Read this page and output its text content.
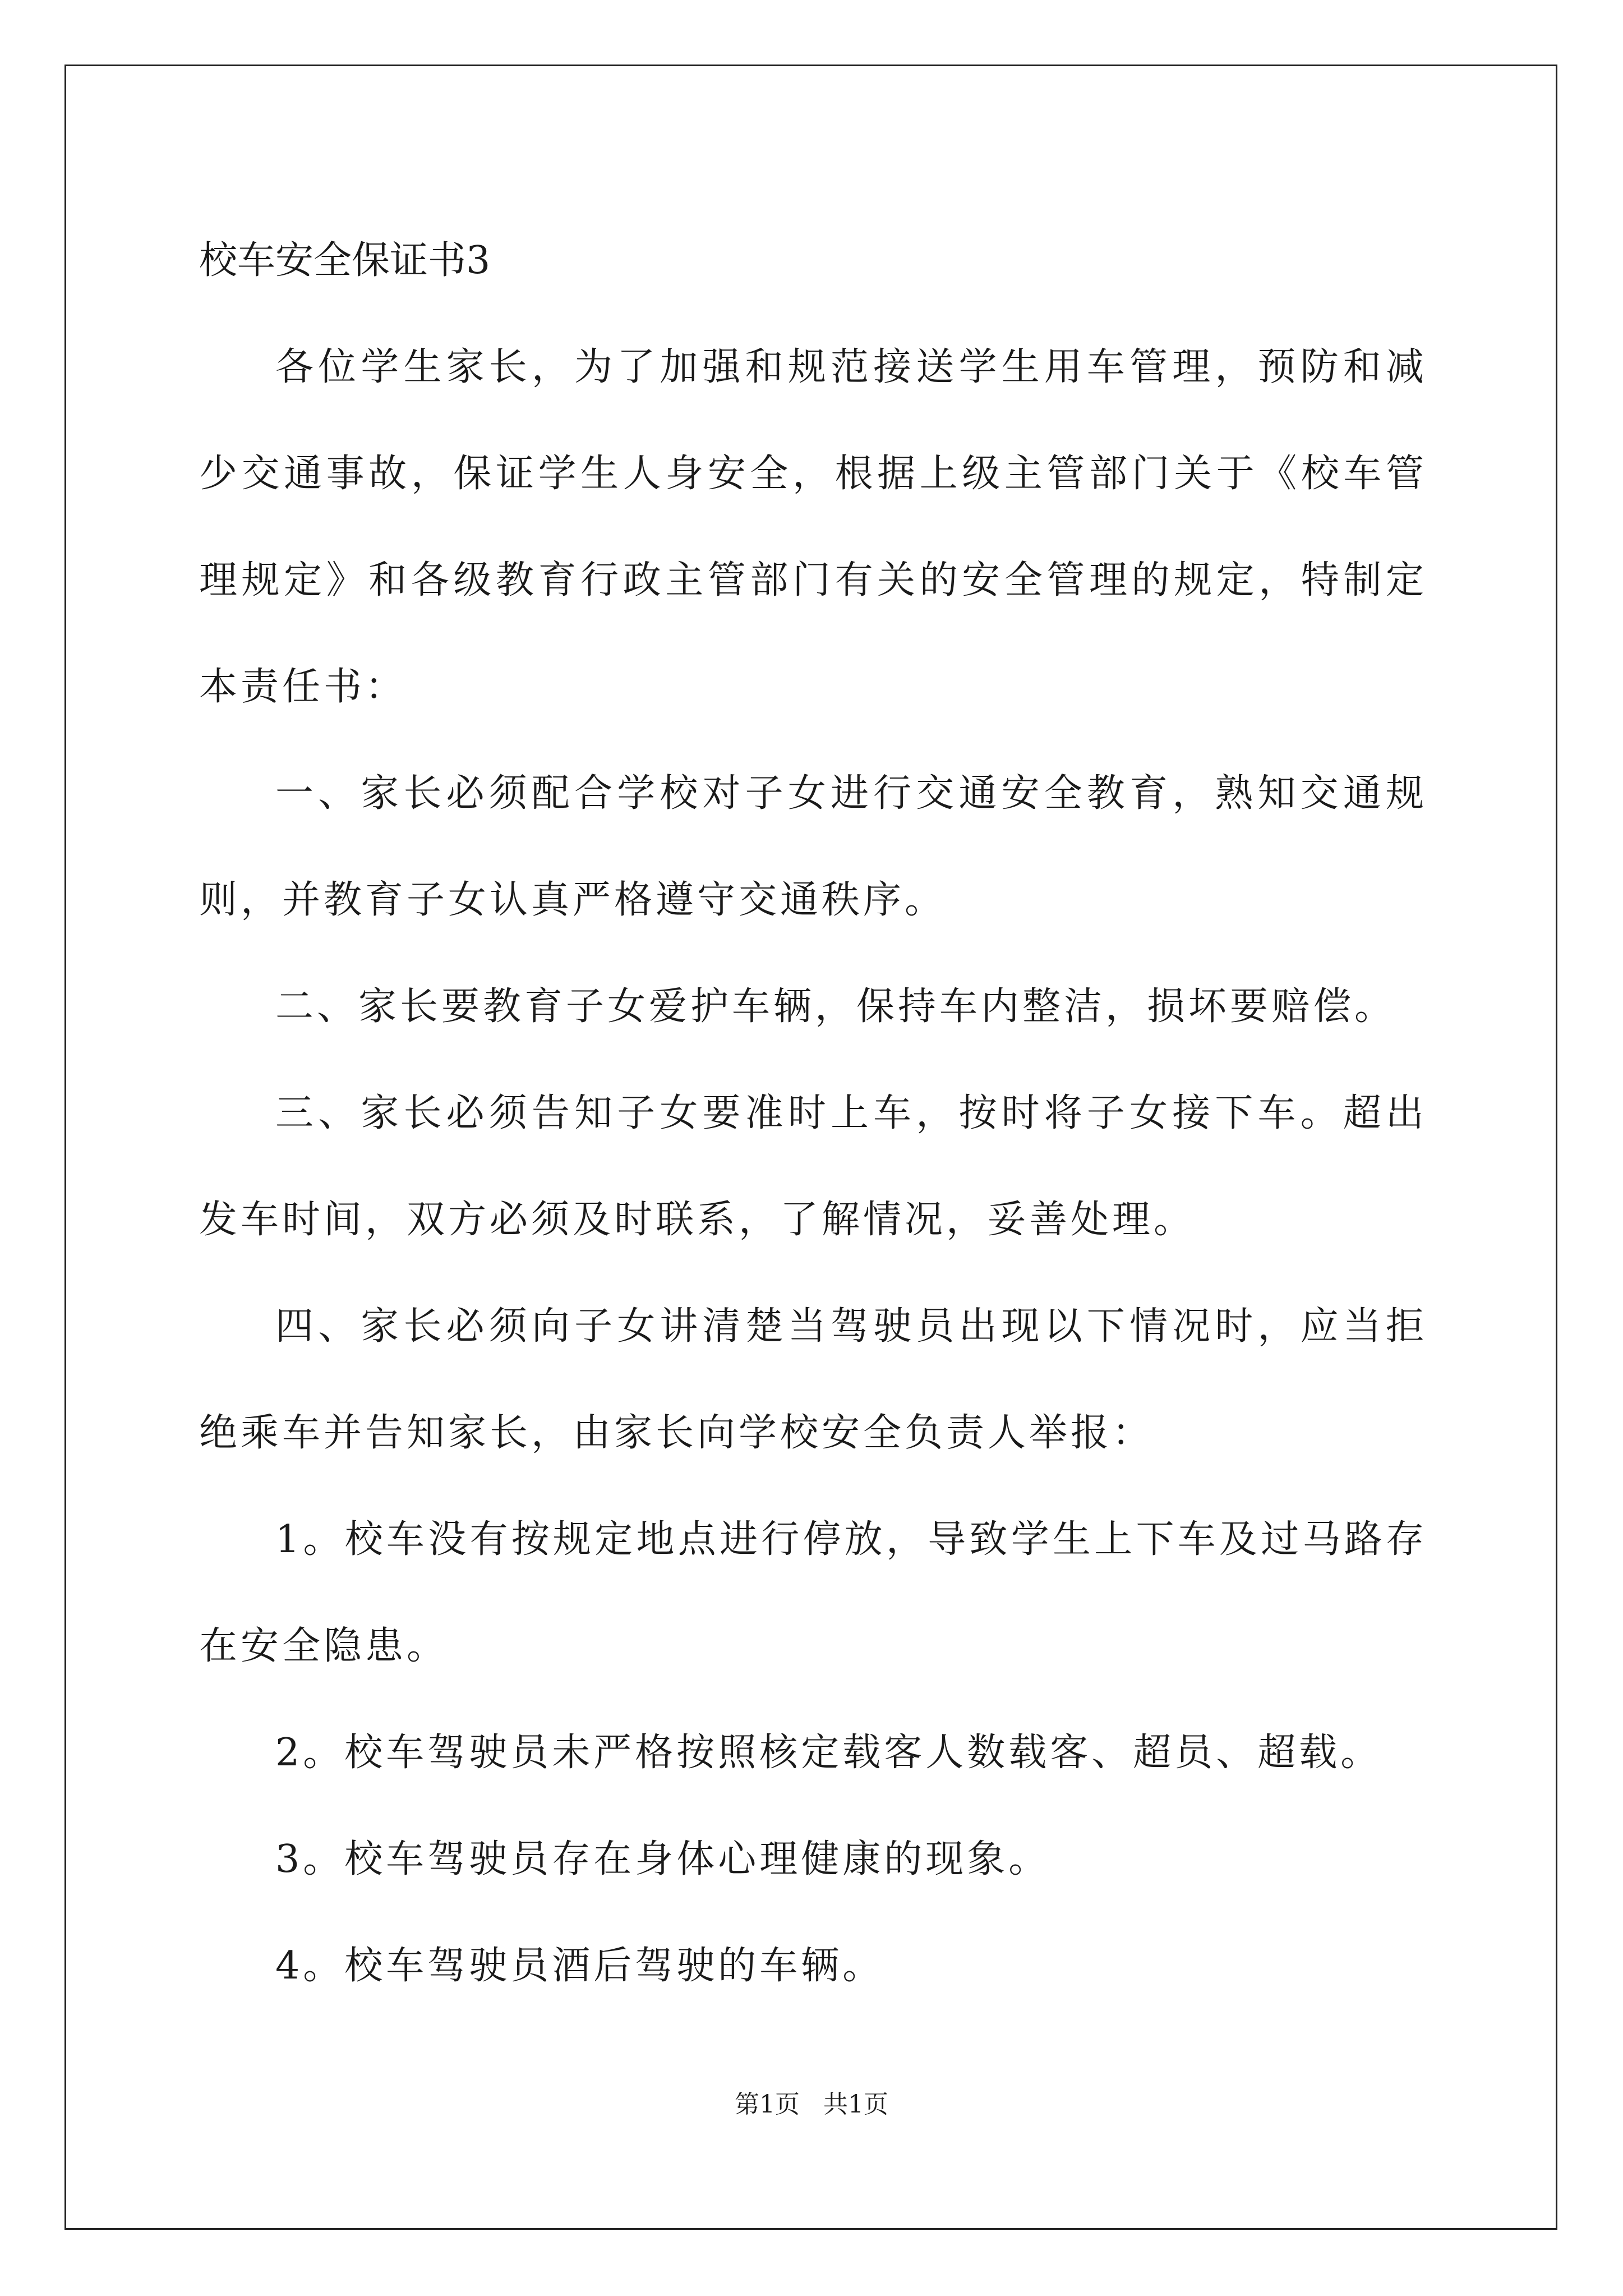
校车安全保证书3

各位学生家长，为了加强和规范接送学生用车管理，预防和减少交通事故，保证学生人身安全，根据上级主管部门关于《校车管理规定》和各级教育行政主管部门有关的安全管理的规定，特制定本责任书：

一、家长必须配合学校对子女进行交通安全教育，熟知交通规则，并教育子女认真严格遵守交通秩序。

二、家长要教育子女爱护车辆，保持车内整洁，损坏要赔偿。

三、家长必须告知子女要准时上车，按时将子女接下车。超出发车时间，双方必须及时联系，了解情况，妥善处理。

四、家长必须向子女讲清楚当驾驶员出现以下情况时，应当拒绝乘车并告知家长，由家长向学校安全负责人举报：

1。校车没有按规定地点进行停放，导致学生上下车及过马路存在安全隐患。

2。校车驾驶员未严格按照核定载客人数载客、超员、超载。

3。校车驾驶员存在身体心理健康的现象。

4。校车驾驶员酒后驾驶的车辆。

第1页   共1页
